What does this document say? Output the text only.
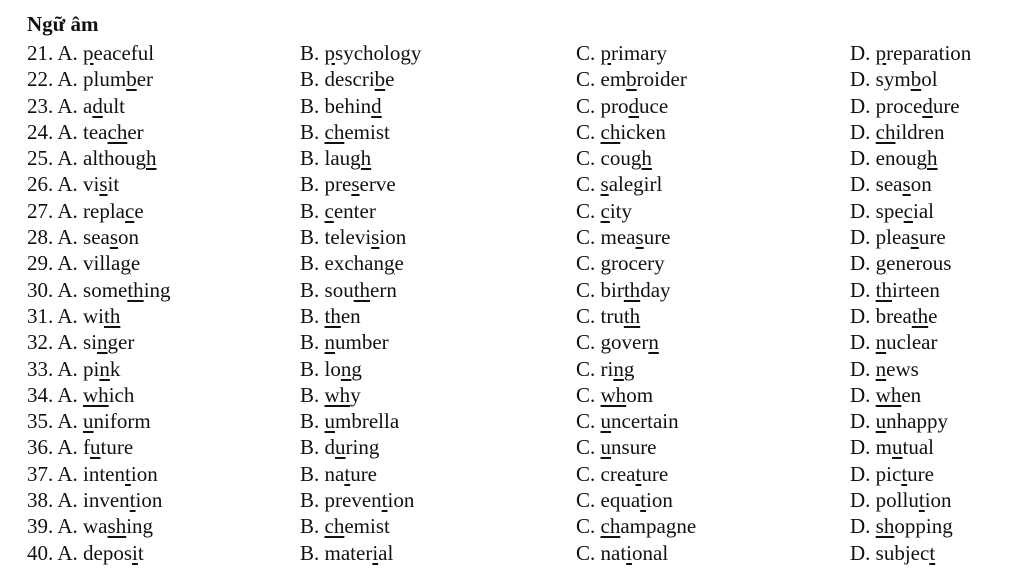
Ngữ âm
21. A. peaceful	B. psychology	C. primary	D. preparation
22. A. plumber	B. describe	C. embroider	D. symbol
23. A. adult	B. behind	C. produce	D. procedure
24. A. teacher	B. chemist	C. chicken	D. children
25. A. although	B. laugh	C. cough	D. enough
26. A. visit	B. preserve	C. salegirl	D. season
27. A. replace	B. center	C. city	D. special
28. A. season	B. television	C. measure	D. pleasure
29. A. village	B. exchange	C. grocery	D. generous
30. A. something	B. southern	C. birthday	D. thirteen
31. A. with	B. then	C. truth	D. breathe
32. A. singer	B. number	C. govern	D. nuclear
33. A. pink	B. long	C. ring	D. news
34. A. which	B. why	C. whom	D. when
35. A. uniform	B. umbrella	C. uncertain	D. unhappy
36. A. future	B. during	C. unsure	D. mutual
37. A. intention	B. nature	C. creature	D. picture
38. A. invention	B. prevention	C. equation	D. pollution
39. A. washing	B. chemist	C. champagne	D. shopping
40. A. deposit	B. material	C. national	D. subject
